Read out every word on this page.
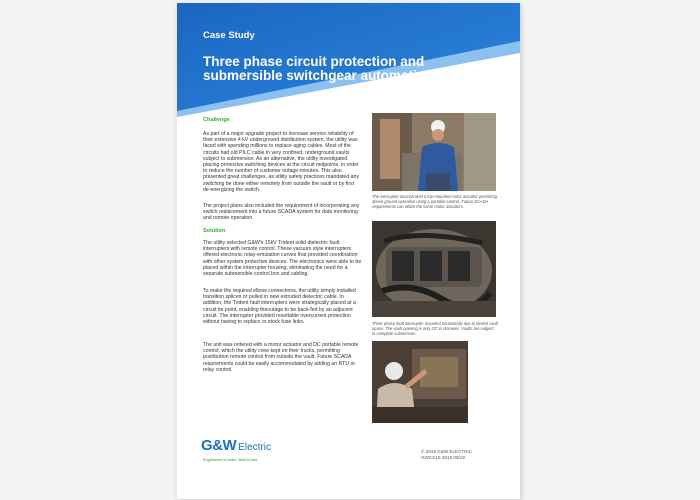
Case Study
Three phase circuit protection and submersible switchgear automation
Challenge

As part of a major upgrade project to increase service reliability of their extensive 4 kV underground distribution system, the utility was faced with spending millions to replace aging cables. Most of the circuits had old PILC cable in very confined, underground vaults subject to submersion. As an alternative, the utility investigated placing protective switching devices at the circuit midpoints, in order to reduce the number of customer outage-minutes. This also presented great challenges, as utility safety practices mandated any switching be done either remotely from outside the vault or by first de-energizing the switch.

The project plans also included the requirement of incorporating any switch replacement into a future SCADA system for data monitoring and remote operation.

Solution

The utility selected G&W's 15kV Trident solid dielectric fault interrupters with remote control. These vacuum style interrupters offered electronic relay-emulation curves that provided coordination with other system protective devices. The electronics were able to be placed within the interrupter housing, eliminating the need for a separate submersible control box and cabling.

To make the required elbow connections, the utility simply installed transition splices or pulled in new extruded dielectric cable. In addition, the Trident fault interrupters were strategically placed at a circuit tie point, enabling theoutage to be back-fed by an adjacent circuit. The interrupter provided resettable overcurrent protection without having to replace or stock fuse links.

The unit was ordered with a motor actuator and DC portable remote control, which the utility crew kept on their trucks, permitting pushbutton remote control from outside the vault. Future SCADA requirements could be easily accommodated by adding an RTU or relay control.

The interrupter incorporated a top-mounted motor actuator permitting above ground operation using a portable control. Future SCADA requirements can utilize the same motor actuators.
Three phase fault interrupter mounted horizontally due to limited vault space. The vault opening is only 23" in diameter. Vaults are subject to complete submersion.
G&W Electric
Engineered to order. Built to last.
© 2019 G&W ELECTRIC
GWCS15-2019 06/19
